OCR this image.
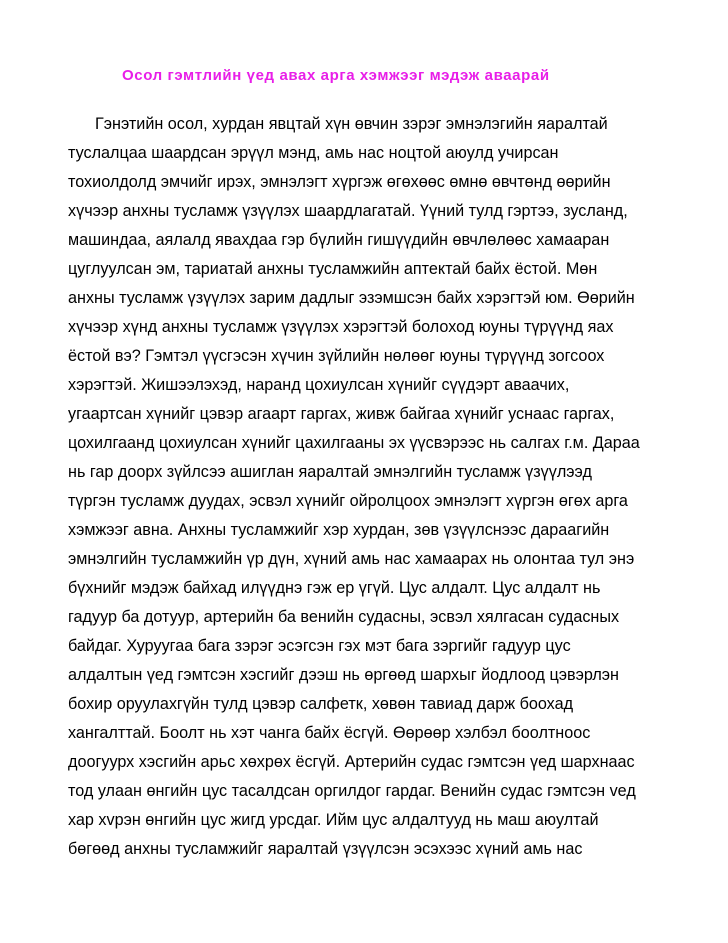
Осол гэмтлийн үед авах арга хэмжээг мэдэж аваарай
Гэнэтийн осол, хурдан явцтай хүн өвчин зэрэг эмнэлэгийн яаралтай
туслалцаа шаардсан эрүүл мэнд, амь нас ноцтой аюулд учирсан
тохиолдолд эмчийг ирэх, эмнэлэгт хүргэж өгөхөөс өмнө өвчтөнд өөрийн
хүчээр анхны тусламж үзүүлэх шаардлагатай. Үүний тулд гэртээ, зусланд,
машиндаа, аялалд явахдаа гэр бүлийн гишүүдийн өвчлөлөөс хамааран
цуглуулсан эм, тариатай анхны тусламжийн аптектай байх ёстой. Мөн
анхны тусламж үзүүлэх зарим дадлыг эзэмшсэн байх хэрэгтэй юм. Өөрийн
хүчээр хүнд анхны тусламж үзүүлэх хэрэгтэй болоход юуны түрүүнд яах
ёстой вэ? Гэмтэл үүсгэсэн хүчин зүйлийн нөлөөг юуны түрүүнд зогсоох
хэрэгтэй. Жишээлэхэд, наранд цохиулсан хүнийг сүүдэрт аваачих,
угаартсан хүнийг цэвэр агаарт гаргах, живж байгаа хүнийг уснаас гаргах,
цохилгаанд цохиулсан хүнийг цахилгааны эх үүсвэрээс нь салгах г.м. Дараа
нь гар доорх зүйлсээ ашиглан яаралтай эмнэлгийн тусламж үзүүлээд
түргэн тусламж дуудах, эсвэл хүнийг ойролцоох эмнэлэгт хүргэн өгөх арга
хэмжээг авна. Анхны тусламжийг хэр хурдан, зөв үзүүлснээс дараагийн
эмнэлгийн тусламжийн үр дүн, хүний амь нас хамаарах нь олонтаа тул энэ
бүхнийг мэдэж байхад илүүднэ гэж ер үгүй. Цус алдалт. Цус алдалт нь
гадуур ба дотуур, артерийн ба венийн судасны, эсвэл хялгасан судасных
байдаг. Хуруугаа бага зэрэг эсэгсэн гэх мэт бага зэргийг гадуур цус
алдалтын үед гэмтсэн хэсгийг дээш нь өргөөд шархыг йодлоод цэвэрлэн
бохир оруулахгүйн тулд цэвэр салфетк, хөвөн тавиад дарж боохад
хангалттай. Боолт нь хэт чанга байх ёсгүй. Өөрөөр хэлбэл боолтноос
доогуурх хэсгийн арьс хөхрөх ёсгүй. Артерийн судас гэмтсэн үед шархнаас
тод улаан өнгийн цус тасалдсан оргилдог гардаг. Венийн судас гэмтсэн vед
хар хvрэн өнгийн цус жигд урсдаг. Ийм цус алдалтууд нь маш аюултай
бөгөөд анхны тусламжийг яаралтай үзүүлсэн эсэхээс хүний амь нас
